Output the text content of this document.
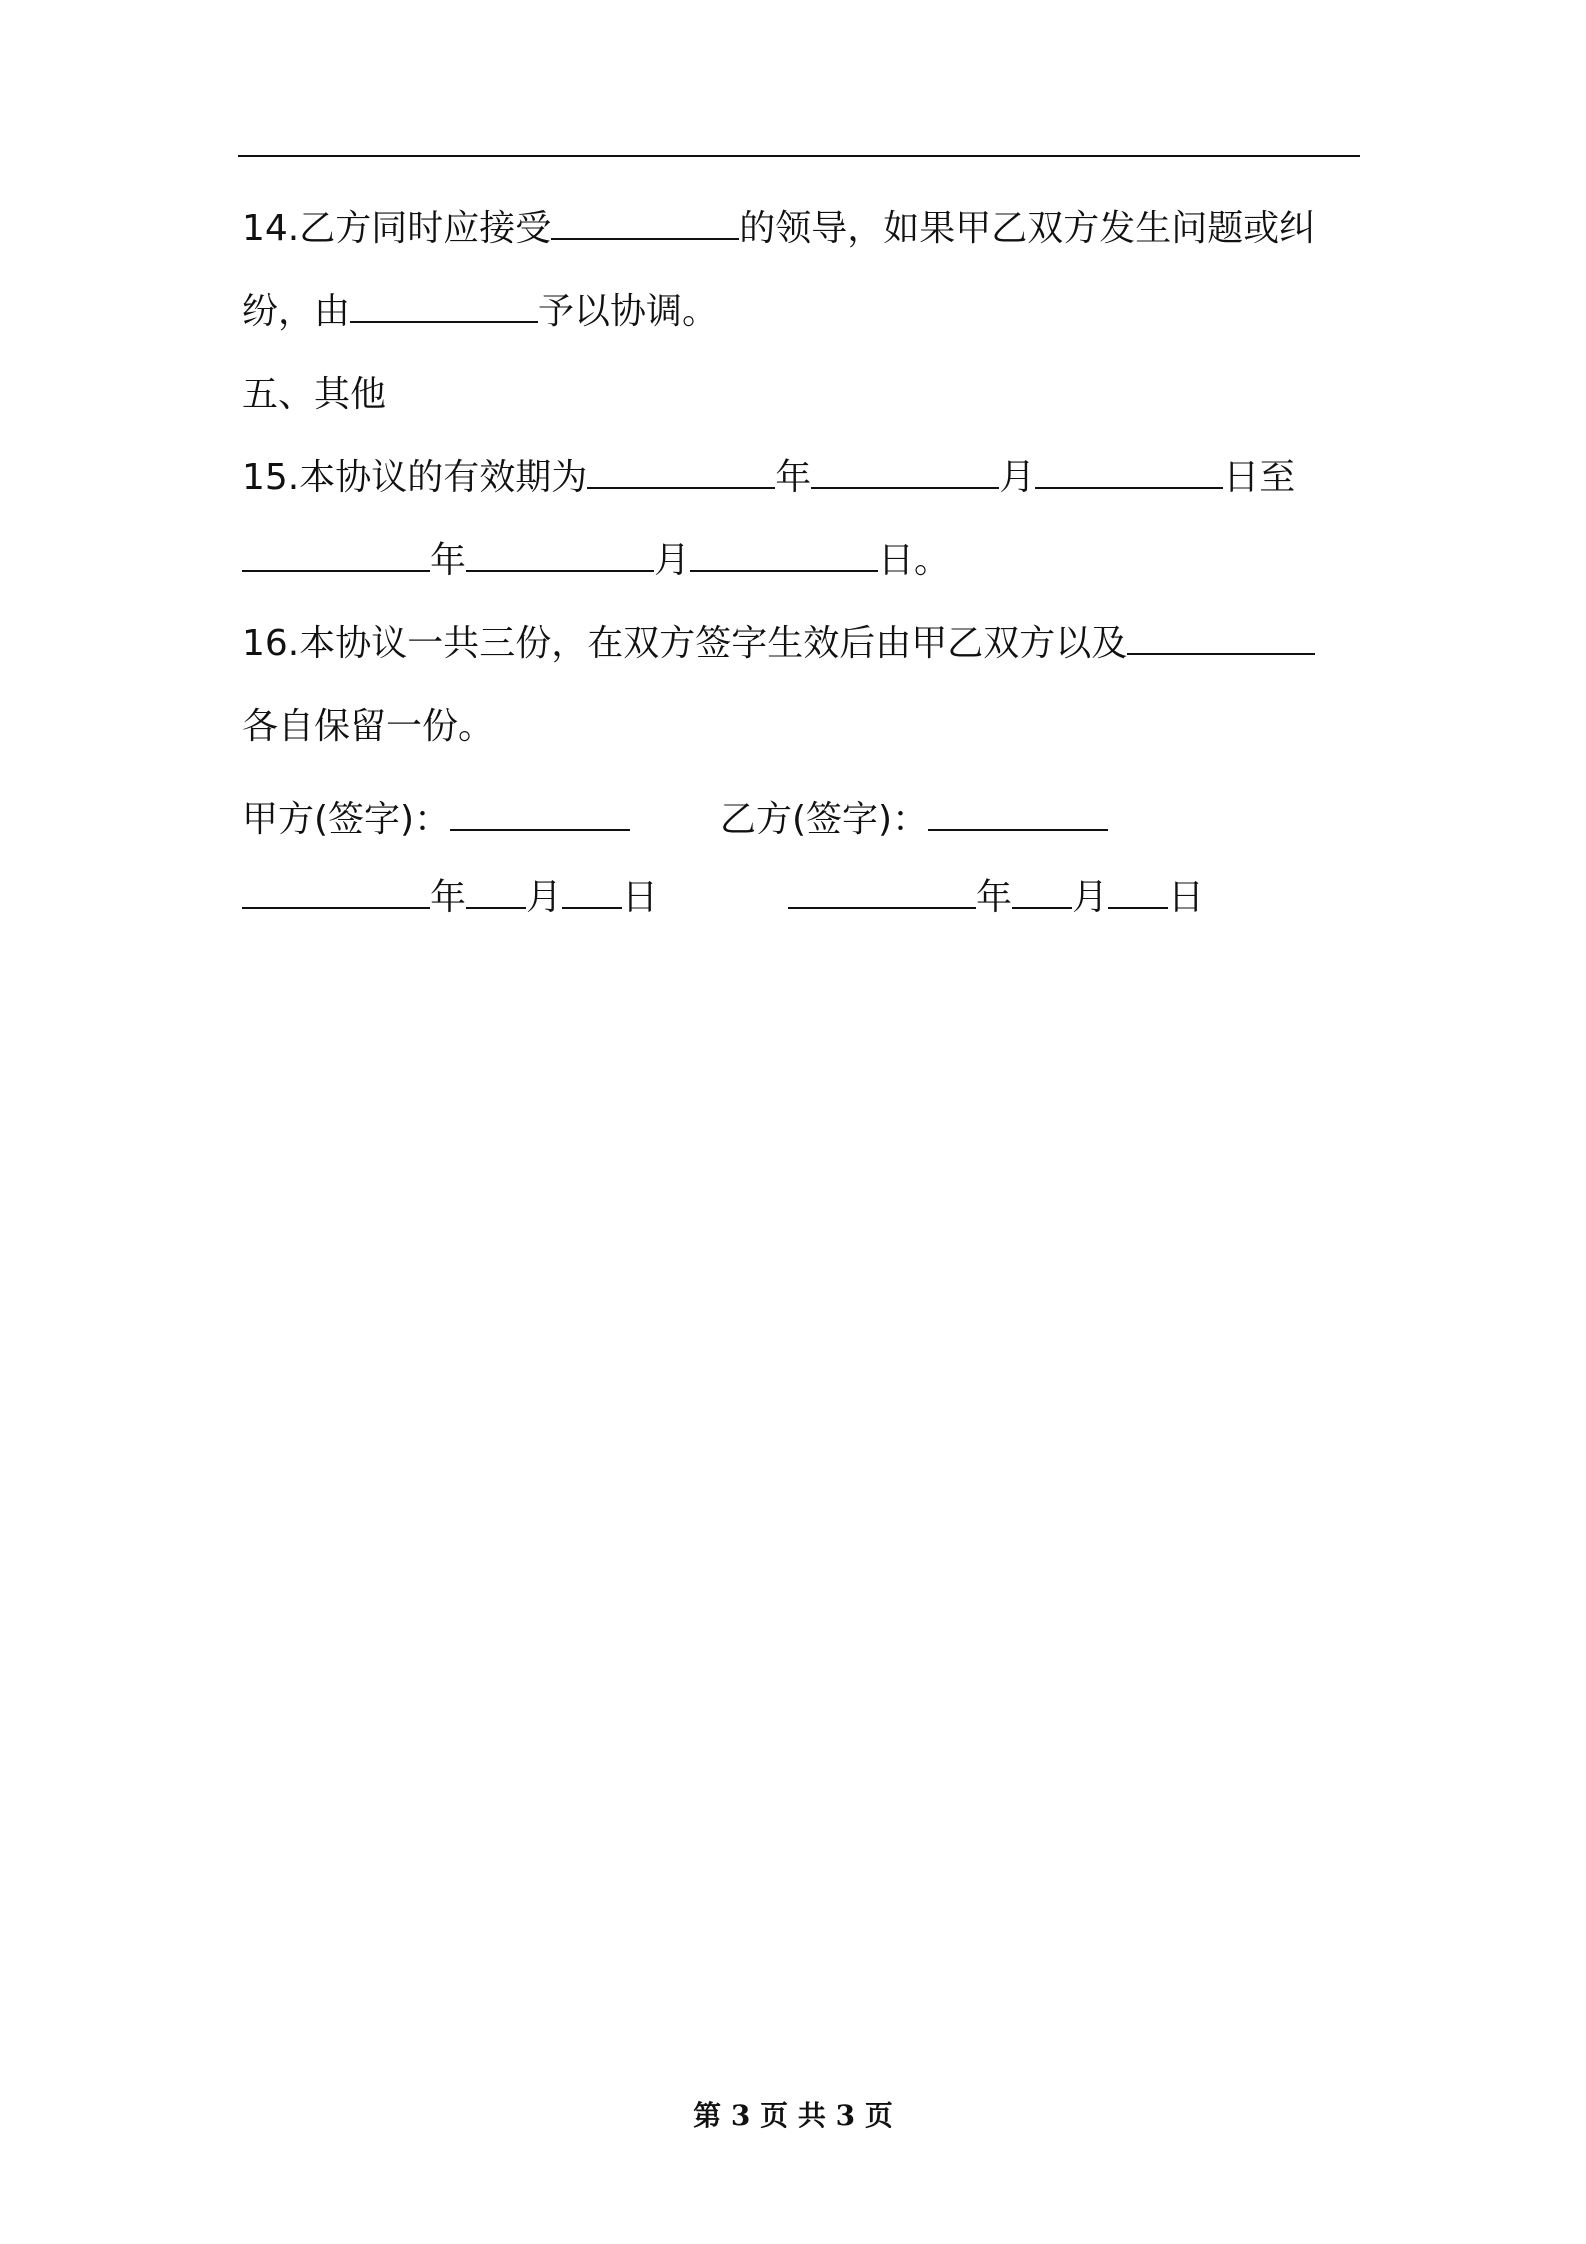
14.乙方同时应接受	的领导，如果甲乙双方发生问题或纠
纷，由	予以协调。
五、其他
15.本协议的有效期为	年	月	日至
年	月	日。
16.本协议一共三份，在双方签字生效后由甲乙双方以及
各自保留一份。
甲方(签字)：	乙方(签字)：
年 月 日	年 月 日
第 3 页 共 3 页
